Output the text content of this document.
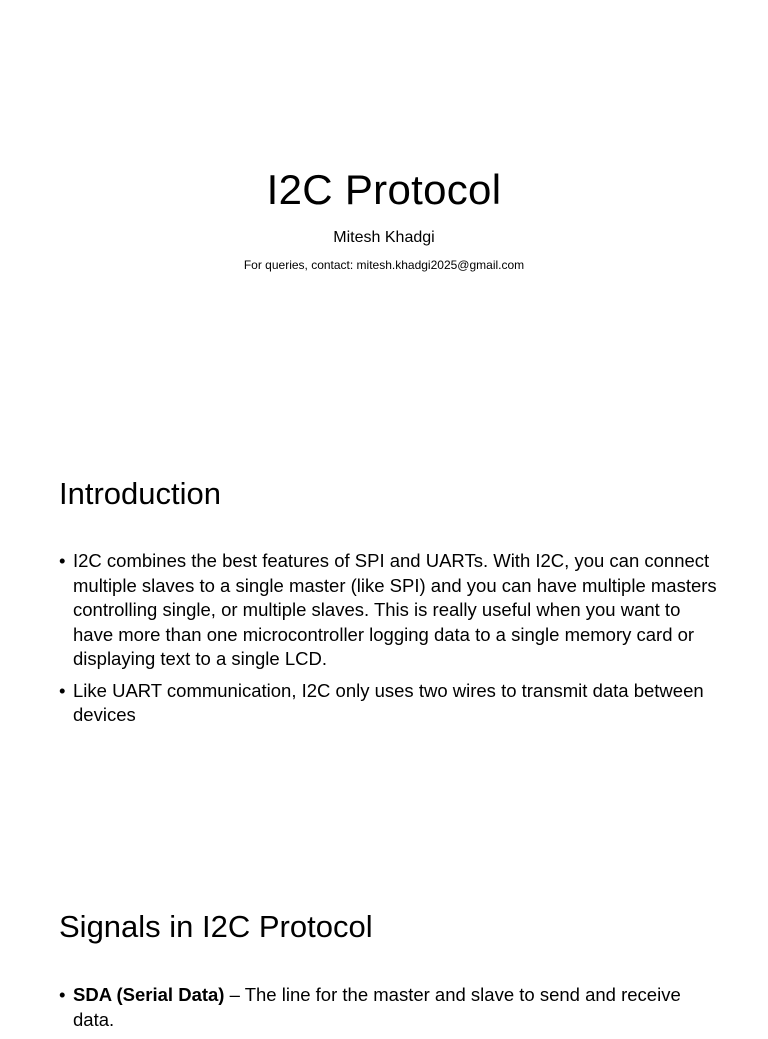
I2C Protocol

Mitesh Khadgi

For queries, contact: mitesh.khadgi2025@gmail.com

Introduction
• I2C combines the best features of SPI and UARTs. With I2C, you can connect multiple slaves to a single master (like SPI) and you can have multiple masters controlling single, or multiple slaves. This is really useful when you want to have more than one microcontroller logging data to a single memory card or displaying text to a single LCD.
• Like UART communication, I2C only uses two wires to transmit data between devices
Signals in I2C Protocol
• SDA (Serial Data) – The line for the master and slave to send and receive data.
